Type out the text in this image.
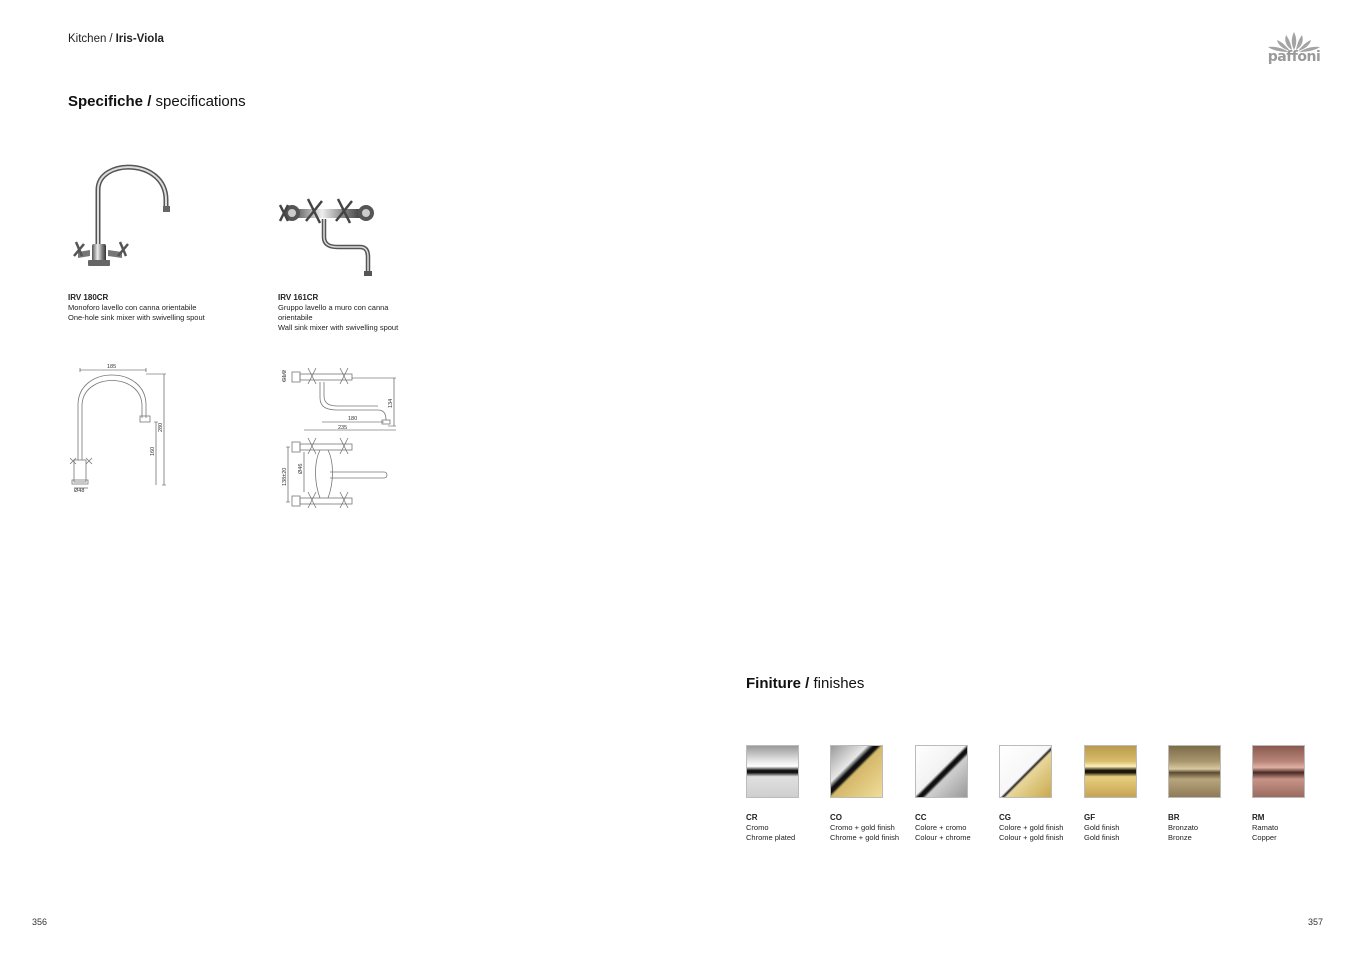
Kitchen / Iris-Viola
paffoni
Specifiche / specifications
IRV 180CR
Monoforo lavello con canna orientabile
One-hole sink mixer with swivelling spout
IRV 161CR
Gruppo lavello a muro con canna orientabile
Wall sink mixer with swivelling spout
185
280
160
Ø48
G1/2
134
180
235
Ø46
138±20
Finiture / finishes
CR
Cromo
Chrome plated
CO
Cromo + gold finish
Chrome + gold finish
CC
Colore + cromo
Colour + chrome
CG
Colore + gold finish
Colour + gold finish
GF
Gold finish
Gold finish
BR
Bronzato
Bronze
RM
Ramato
Copper
356	357
